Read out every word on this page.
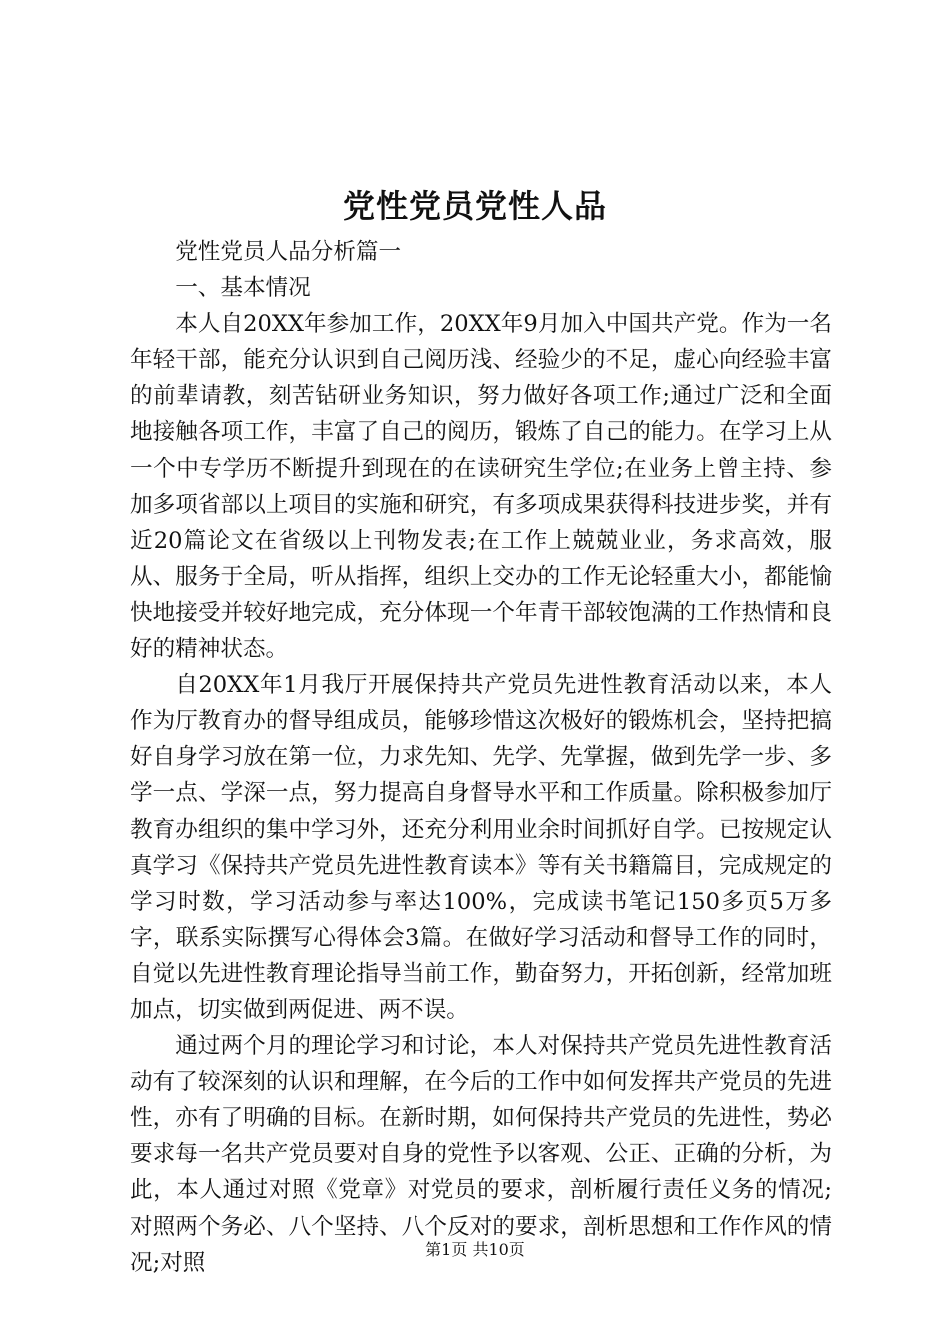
党性党员党性人品

党性党员人品分析篇一

一、基本情况

本人自20XX年参加工作，20XX年9月加入中国共产党。作为一名年轻干部，能充分认识到自己阅历浅、经验少的不足，虚心向经验丰富的前辈请教，刻苦钻研业务知识，努力做好各项工作;通过广泛和全面地接触各项工作，丰富了自己的阅历，锻炼了自己的能力。在学习上从一个中专学历不断提升到现在的在读研究生学位;在业务上曾主持、参加多项省部以上项目的实施和研究，有多项成果获得科技进步奖，并有近20篇论文在省级以上刊物发表;在工作上兢兢业业，务求高效，服从、服务于全局，听从指挥，组织上交办的工作无论轻重大小，都能愉快地接受并较好地完成，充分体现一个年青干部较饱满的工作热情和良好的精神状态。

自20XX年1月我厅开展保持共产党员先进性教育活动以来，本人作为厅教育办的督导组成员，能够珍惜这次极好的锻炼机会，坚持把搞好自身学习放在第一位，力求先知、先学、先掌握，做到先学一步、多学一点、学深一点，努力提高自身督导水平和工作质量。除积极参加厅教育办组织的集中学习外，还充分利用业余时间抓好自学。已按规定认真学习《保持共产党员先进性教育读本》等有关书籍篇目，完成规定的学习时数，学习活动参与率达100%，完成读书笔记150多页5万多字，联系实际撰写心得体会3篇。在做好学习活动和督导工作的同时，自觉以先进性教育理论指导当前工作，勤奋努力，开拓创新，经常加班加点，切实做到两促进、两不误。

通过两个月的理论学习和讨论，本人对保持共产党员先进性教育活动有了较深刻的认识和理解，在今后的工作中如何发挥共产党员的先进性，亦有了明确的目标。在新时期，如何保持共产党员的先进性，势必要求每一名共产党员要对自身的党性予以客观、公正、正确的分析，为此，本人通过对照《党章》对党员的要求，剖析履行责任义务的情况;对照两个务必、八个坚持、八个反对的要求，剖析思想和工作作风的情况;对照

第1页 共10页
